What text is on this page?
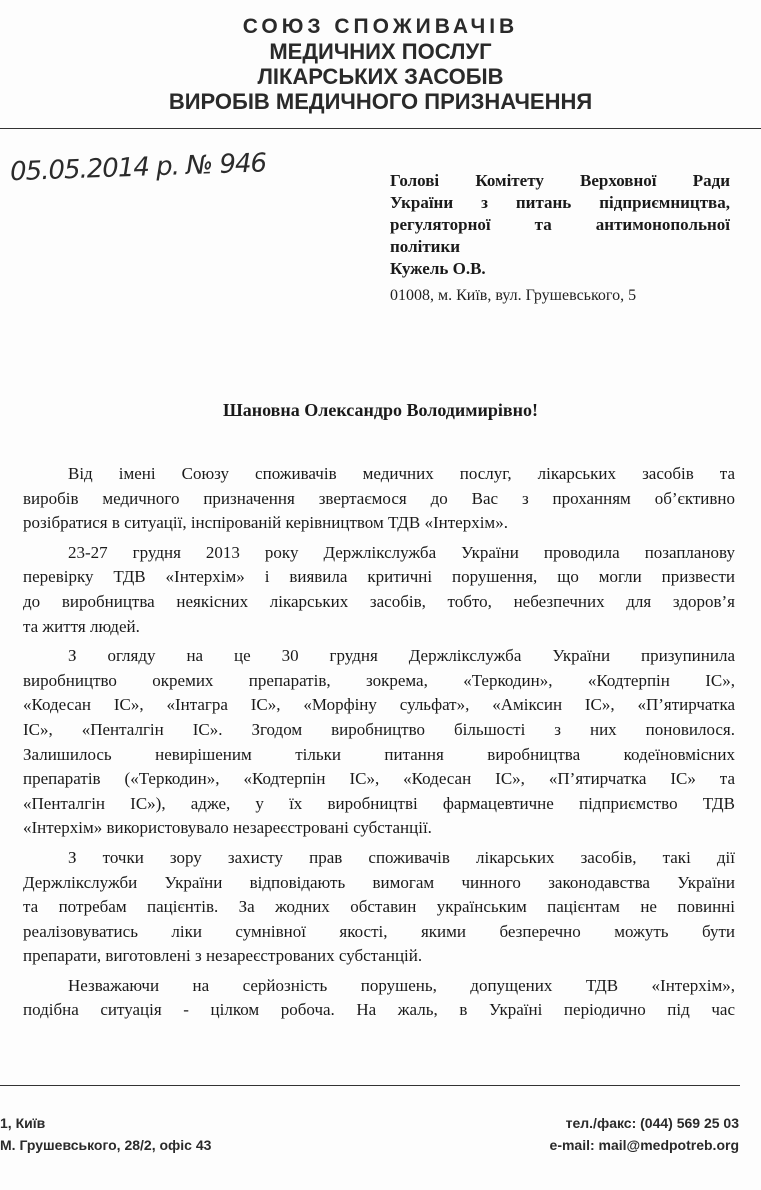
СОЮЗ СПОЖИВАЧІВ
МЕДИЧНИХ ПОСЛУГ
ЛІКАРСЬКИХ ЗАСОБІВ
ВИРОБІВ МЕДИЧНОГО ПРИЗНАЧЕННЯ
05.05.2014 р. № 946	Голові Комітету Верховної Ради
України з питань підприємництва,
регуляторної та антимонопольної
політики
Кужель О.В.
01008, м. Київ, вул. Грушевського, 5
Шановна Олександро Володимирівно!
Від імені Союзу споживачів медичних послуг, лікарських засобів та
виробів медичного призначення звертаємося до Вас з проханням об’єктивно
розібратися в ситуації, інспірованій керівництвом ТДВ «Інтерхім».
23-27 грудня 2013 року Держлікслужба України проводила позапланову
перевірку ТДВ «Інтерхім» і виявила критичні порушення, що могли призвести
до виробництва неякісних лікарських засобів, тобто, небезпечних для здоров’я
та життя людей.
З огляду на це 30 грудня Держлікслужба України призупинила
виробництво окремих препаратів, зокрема, «Теркодин», «Кодтерпін ІС»,
«Кодесан ІС», «Інтагра ІС», «Морфіну сульфат», «Аміксин ІС», «П’ятирчатка
ІС», «Пенталгін ІС». Згодом виробництво більшості з них поновилося.
Залишилось невирішеним тільки питання виробництва кодеїновмісних
препаратів («Теркодин», «Кодтерпін ІС», «Кодесан ІС», «П’ятирчатка ІС» та
«Пенталгін ІС»), адже, у їх виробництві фармацевтичне підприємство ТДВ
«Інтерхім» використовувало незареєстровані субстанції.
З точки зору захисту прав споживачів лікарських засобів, такі дії
Держлікслужби України відповідають вимогам чинного законодавства України
та потребам пацієнтів. За жодних обставин українським пацієнтам не повинні
реалізовуватись ліки сумнівної якості, якими безперечно можуть бути
препарати, виготовлені з незареєстрованих субстанцій.
Незважаючи на серйозність порушень, допущених ТДВ «Інтерхім»,
подібна ситуація - цілком робоча. На жаль, в Україні періодично під час
1, Київ
М. Грушевського, 28/2, офіс 43
тел./факс: (044) 569 25 03
e-mail: mail@medpotreb.org
